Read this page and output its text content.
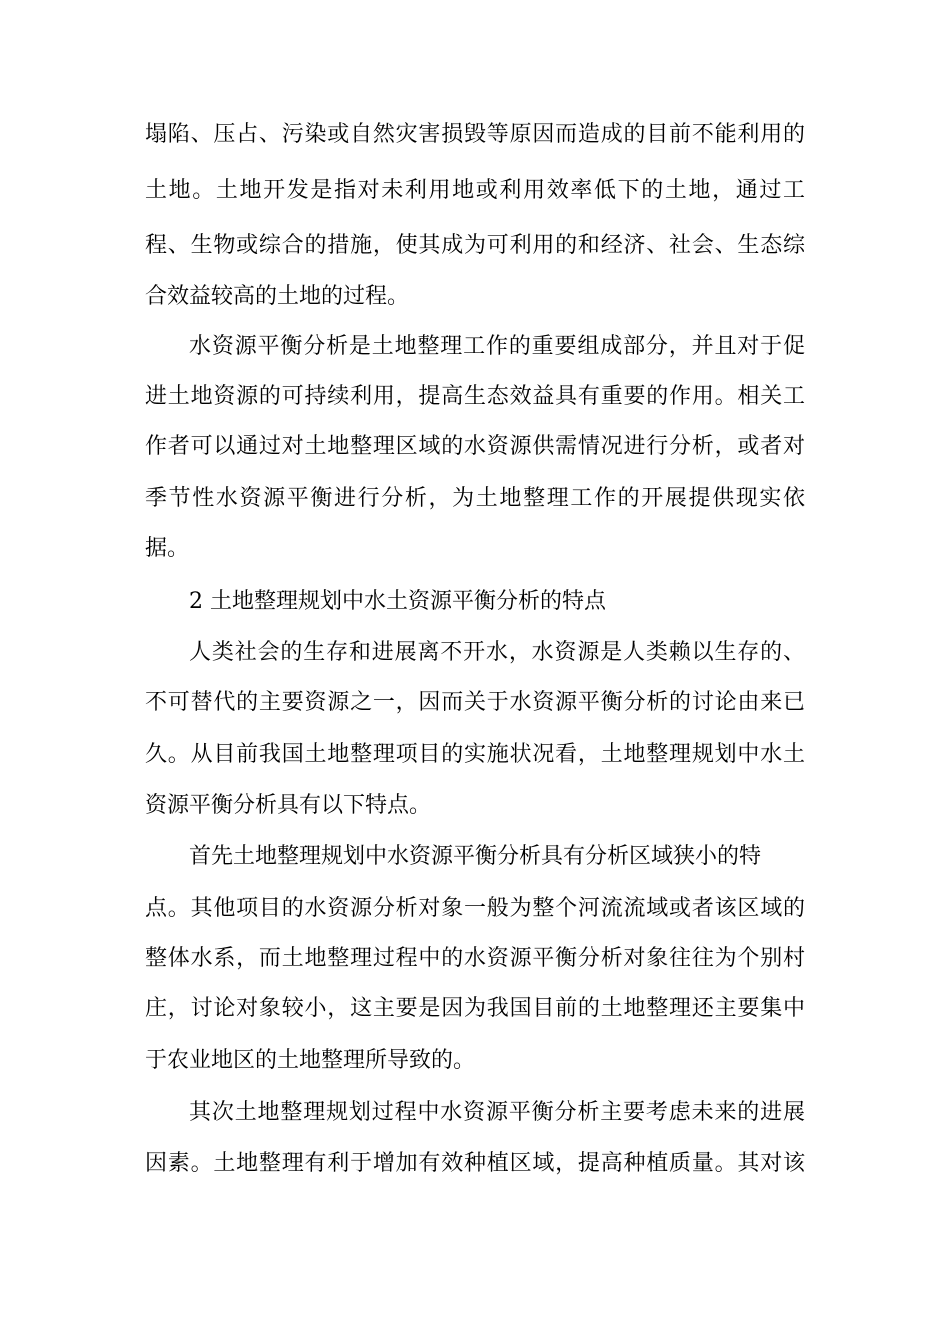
塌陷、压占、污染或自然灾害损毁等原因而造成的目前不能利用的
土地。土地开发是指对未利用地或利用效率低下的土地，通过工
程、生物或综合的措施，使其成为可利用的和经济、社会、生态综
合效益较高的土地的过程。
水资源平衡分析是土地整理工作的重要组成部分，并且对于促
进土地资源的可持续利用，提高生态效益具有重要的作用。相关工
作者可以通过对土地整理区域的水资源供需情况进行分析，或者对
季节性水资源平衡进行分析，为土地整理工作的开展提供现实依
据。
2 土地整理规划中水土资源平衡分析的特点
人类社会的生存和进展离不开水，水资源是人类赖以生存的、
不可替代的主要资源之一，因而关于水资源平衡分析的讨论由来已
久。从目前我国土地整理项目的实施状况看，土地整理规划中水土
资源平衡分析具有以下特点。
首先土地整理规划中水资源平衡分析具有分析区域狭小的特
点。其他项目的水资源分析对象一般为整个河流流域或者该区域的
整体水系，而土地整理过程中的水资源平衡分析对象往往为个别村
庄，讨论对象较小，这主要是因为我国目前的土地整理还主要集中
于农业地区的土地整理所导致的。
其次土地整理规划过程中水资源平衡分析主要考虑未来的进展
因素。土地整理有利于增加有效种植区域，提高种植质量。其对该
